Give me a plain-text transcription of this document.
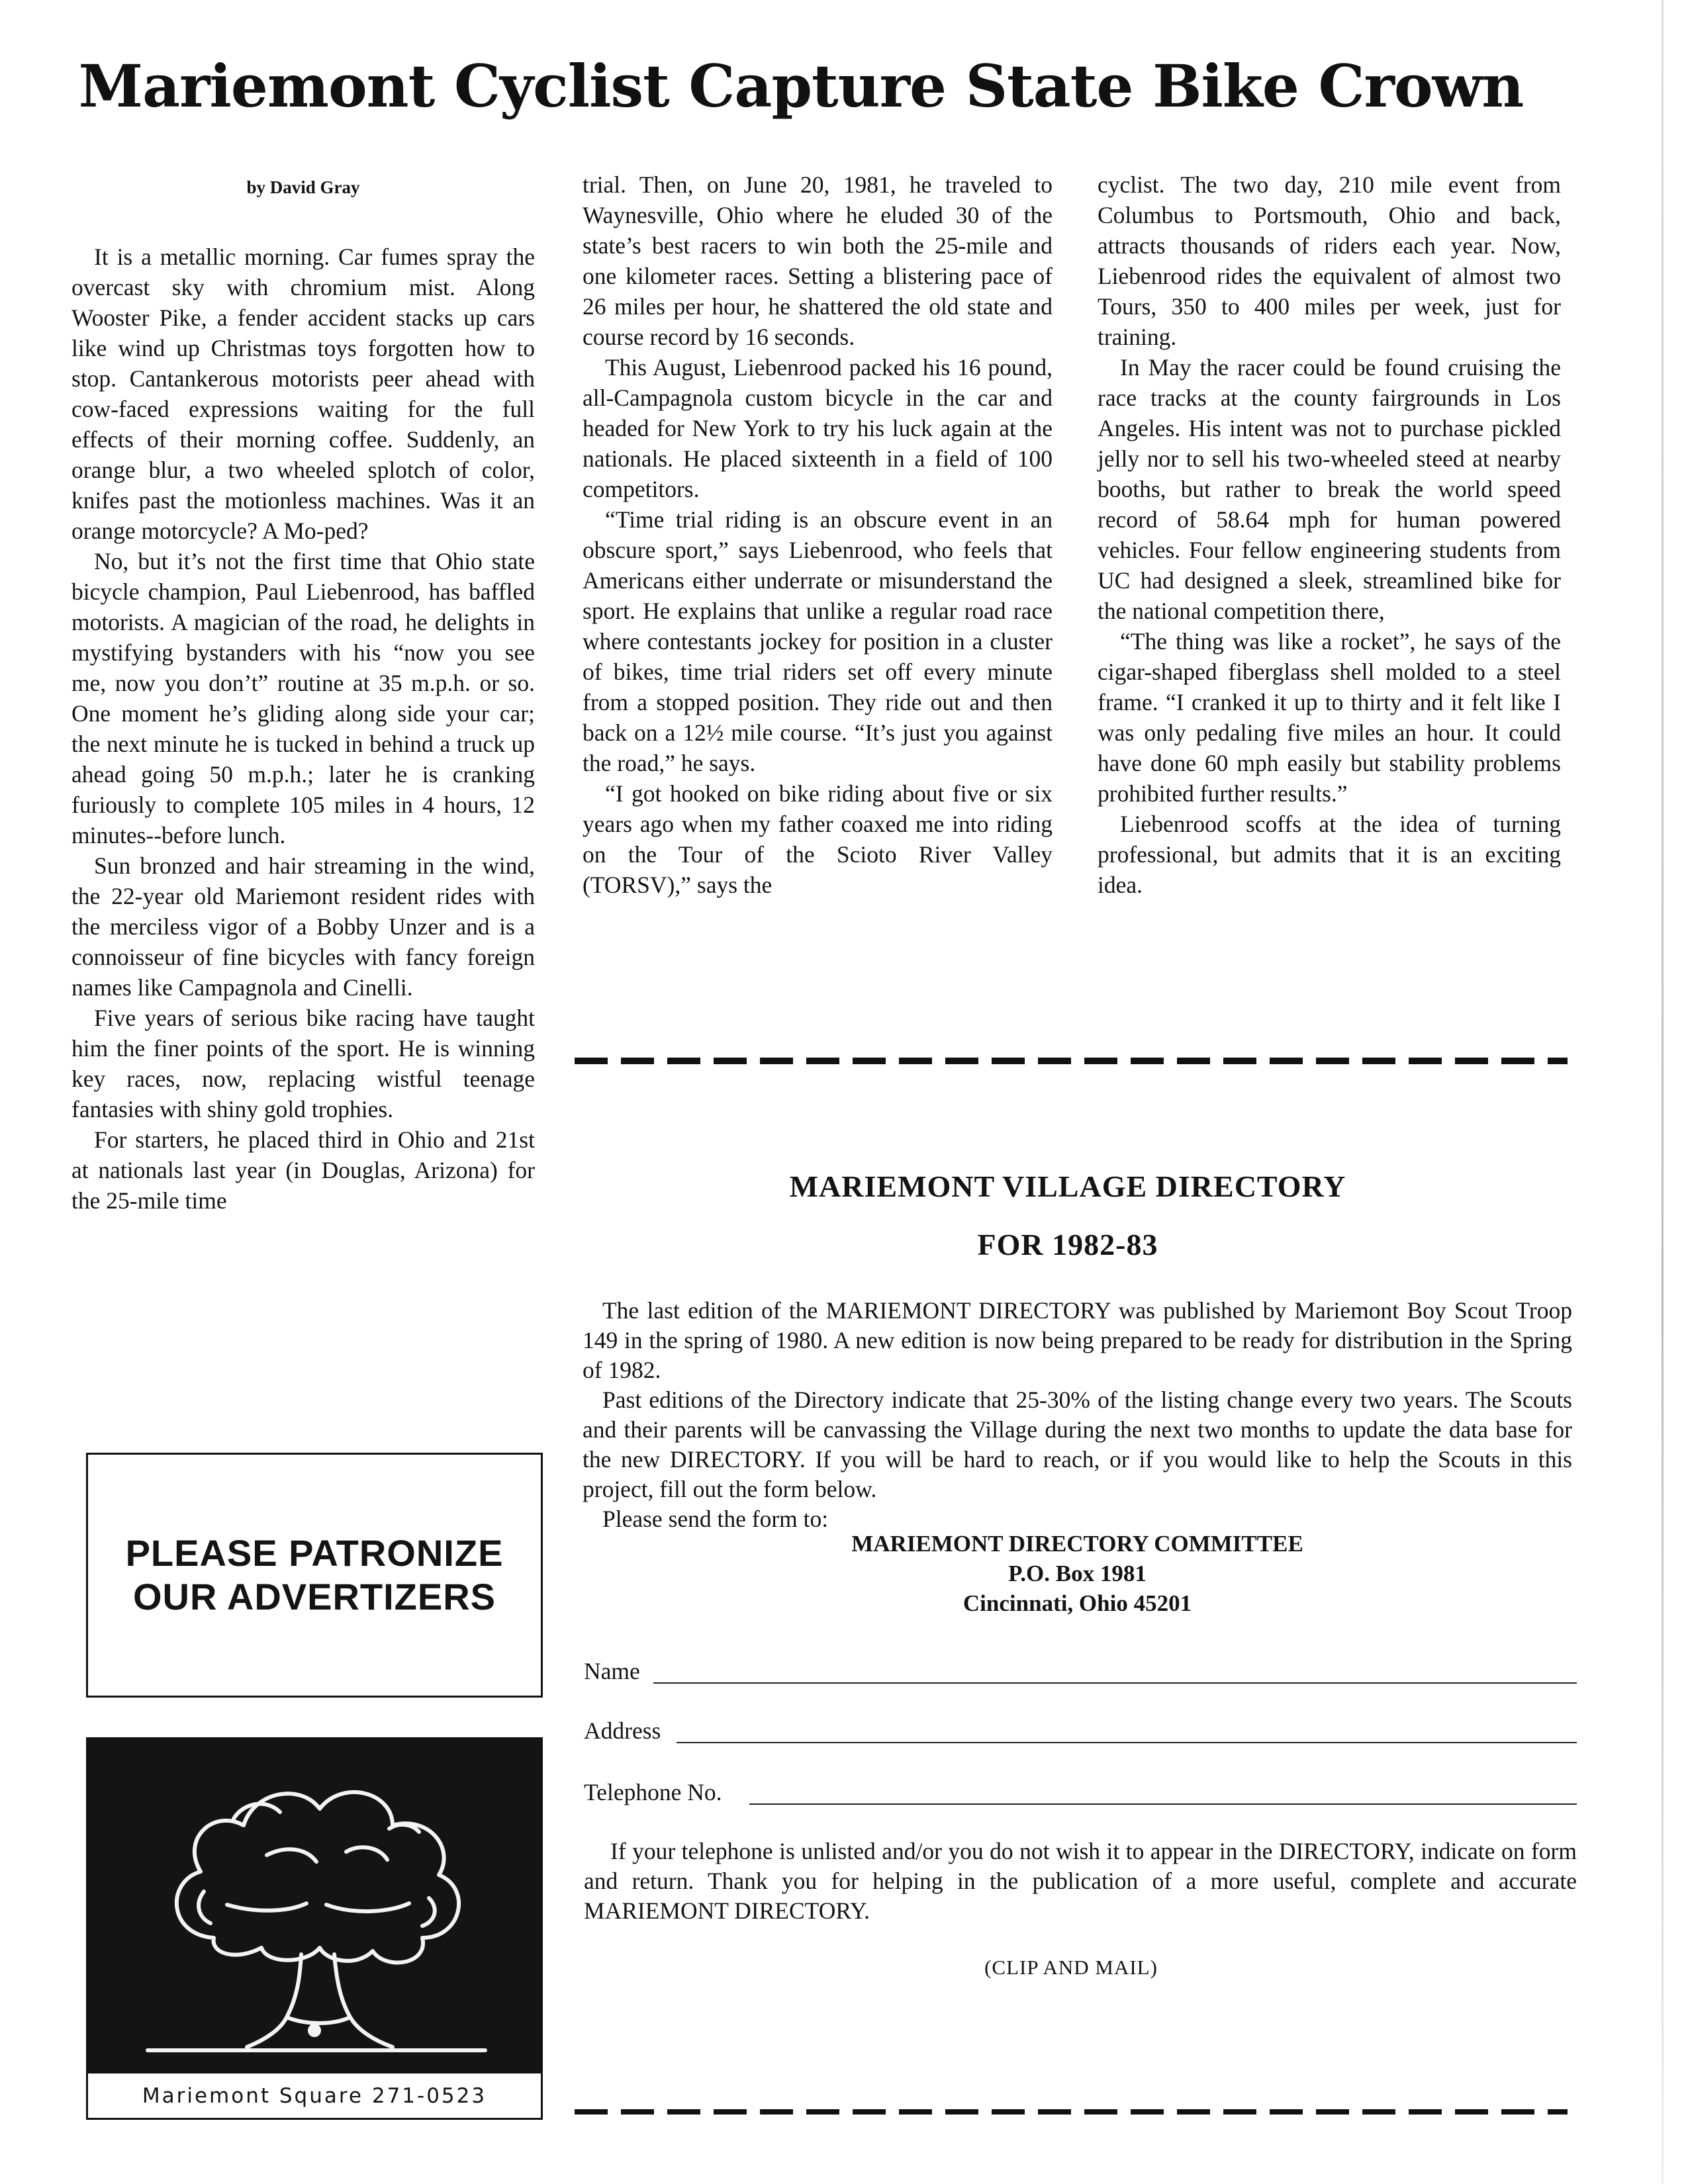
Mariemont Cyclist Capture State Bike Crown
by David Gray

It is a metallic morning. Car fumes spray the overcast sky with chromium mist. Along Wooster Pike, a fender accident stacks up cars like wind up Christmas toys forgotten how to stop. Cantankerous motorists peer ahead with cow-faced expressions waiting for the full effects of their morning coffee. Suddenly, an orange blur, a two wheeled splotch of color, knifes past the motionless machines. Was it an orange motorcycle? A Mo-ped?

No, but it’s not the first time that Ohio state bicycle champion, Paul Liebenrood, has baffled motorists. A magician of the road, he delights in mystifying bystanders with his “now you see me, now you don’t” routine at 35 m.p.h. or so. One moment he’s gliding along side your car; the next minute he is tucked in behind a truck up ahead going 50 m.p.h.; later he is cranking furiously to complete 105 miles in 4 hours, 12 minutes--before lunch.

Sun bronzed and hair streaming in the wind, the 22-year old Mariemont resident rides with the merciless vigor of a Bobby Unzer and is a connoisseur of fine bicycles with fancy foreign names like Campagnola and Cinelli.

Five years of serious bike racing have taught him the finer points of the sport. He is winning key races, now, replacing wistful teenage fantasies with shiny gold trophies.

For starters, he placed third in Ohio and 21st at nationals last year (in Douglas, Arizona) for the 25-mile time

trial. Then, on June 20, 1981, he traveled to Waynesville, Ohio where he eluded 30 of the state’s best racers to win both the 25-mile and one kilometer races. Setting a blistering pace of 26 miles per hour, he shattered the old state and course record by 16 seconds.

This August, Liebenrood packed his 16 pound, all-Campagnola custom bicycle in the car and headed for New York to try his luck again at the nationals. He placed sixteenth in a field of 100 competitors.

“Time trial riding is an obscure event in an obscure sport,” says Liebenrood, who feels that Americans either underrate or misunderstand the sport. He explains that unlike a regular road race where contestants jockey for position in a cluster of bikes, time trial riders set off every minute from a stopped position. They ride out and then back on a 12½ mile course. “It’s just you against the road,” he says.

“I got hooked on bike riding about five or six years ago when my father coaxed me into riding on the Tour of the Scioto River Valley (TORSV),” says the

cyclist. The two day, 210 mile event from Columbus to Portsmouth, Ohio and back, attracts thousands of riders each year. Now, Liebenrood rides the equivalent of almost two Tours, 350 to 400 miles per week, just for training.

In May the racer could be found cruising the race tracks at the county fairgrounds in Los Angeles. His intent was not to purchase pickled jelly nor to sell his two-wheeled steed at nearby booths, but rather to break the world speed record of 58.64 mph for human powered vehicles. Four fellow engineering students from UC had designed a sleek, streamlined bike for the national competition there,

“The thing was like a rocket”, he says of the cigar-shaped fiberglass shell molded to a steel frame. “I cranked it up to thirty and it felt like I was only pedaling five miles an hour. It could have done 60 mph easily but stability problems prohibited further results.”

Liebenrood scoffs at the idea of turning professional, but admits that it is an exciting idea.

MARIEMONT VILLAGE DIRECTORY
FOR 1982-83

The last edition of the MARIEMONT DIRECTORY was published by Mariemont Boy Scout Troop 149 in the spring of 1980. A new edition is now being prepared to be ready for distribution in the Spring of 1982.

Past editions of the Directory indicate that 25-30% of the listing change every two years. The Scouts and their parents will be canvassing the Village during the next two months to update the data base for the new DIRECTORY. If you will be hard to reach, or if you would like to help the Scouts in this project, fill out the form below.

Please send the form to:

MARIEMONT DIRECTORY COMMITTEE
P.O. Box 1981
Cincinnati, Ohio 45201
Name
Address
Telephone No.

If your telephone is unlisted and/or you do not wish it to appear in the DIRECTORY, indicate on form and return. Thank you for helping in the publication of a more useful, complete and accurate MARIEMONT DIRECTORY.

(CLIP AND MAIL)
PLEASE PATRONIZE
OUR ADVERTIZERS
Mariemont Square 271-0523
